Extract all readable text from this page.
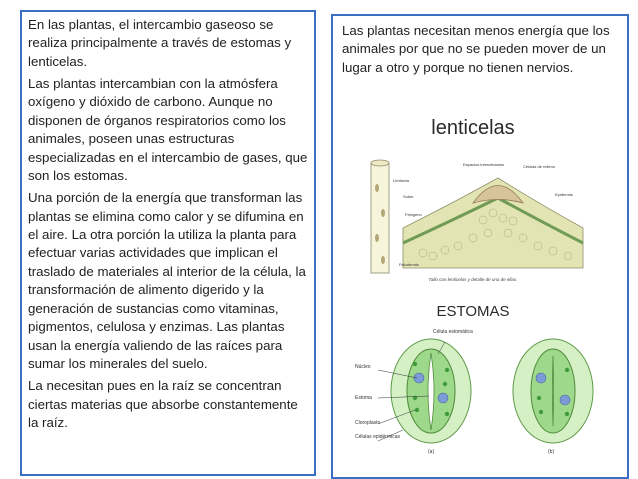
En las plantas, el intercambio gaseoso se realiza principalmente a través de estomas y lenticelas.

Las plantas intercambian con la atmósfera oxígeno y dióxido de carbono. Aunque no disponen de órganos respiratorios como los animales, poseen unas estructuras especializadas en el intercambio de gases, que son los estomas.

Una porción de la energía que transforman las plantas se elimina como calor y se difumina en el aire. La otra porción la utiliza la planta para efectuar varias actividades que implican el traslado de materiales al interior de la célula, la transformación de alimento digerido y la generación de sustancias como vitaminas, pigmentos, celulosa y enzimas. Las plantas usan la energía valiendo de las raíces para sumar los minerales del suelo.

La necesitan pues en la raíz se concentran ciertas materias que absorbe constantemente la raíz.

Las plantas necesitan menos energía que los animales por que no se pueden mover de un lugar a otro y porque no tienen nervios.

lenticelas
Espacios intercelulares	Células de relleno
Lenticela
Suber	Epidermis
Felógeno
Felodermis
Tallo con lenticelas y detalle de una de ellas.
ESTOMAS
Célula estomática
Núcleo
Estoma
Cloroplasto
Células epidérmicas
(a)	(b)
